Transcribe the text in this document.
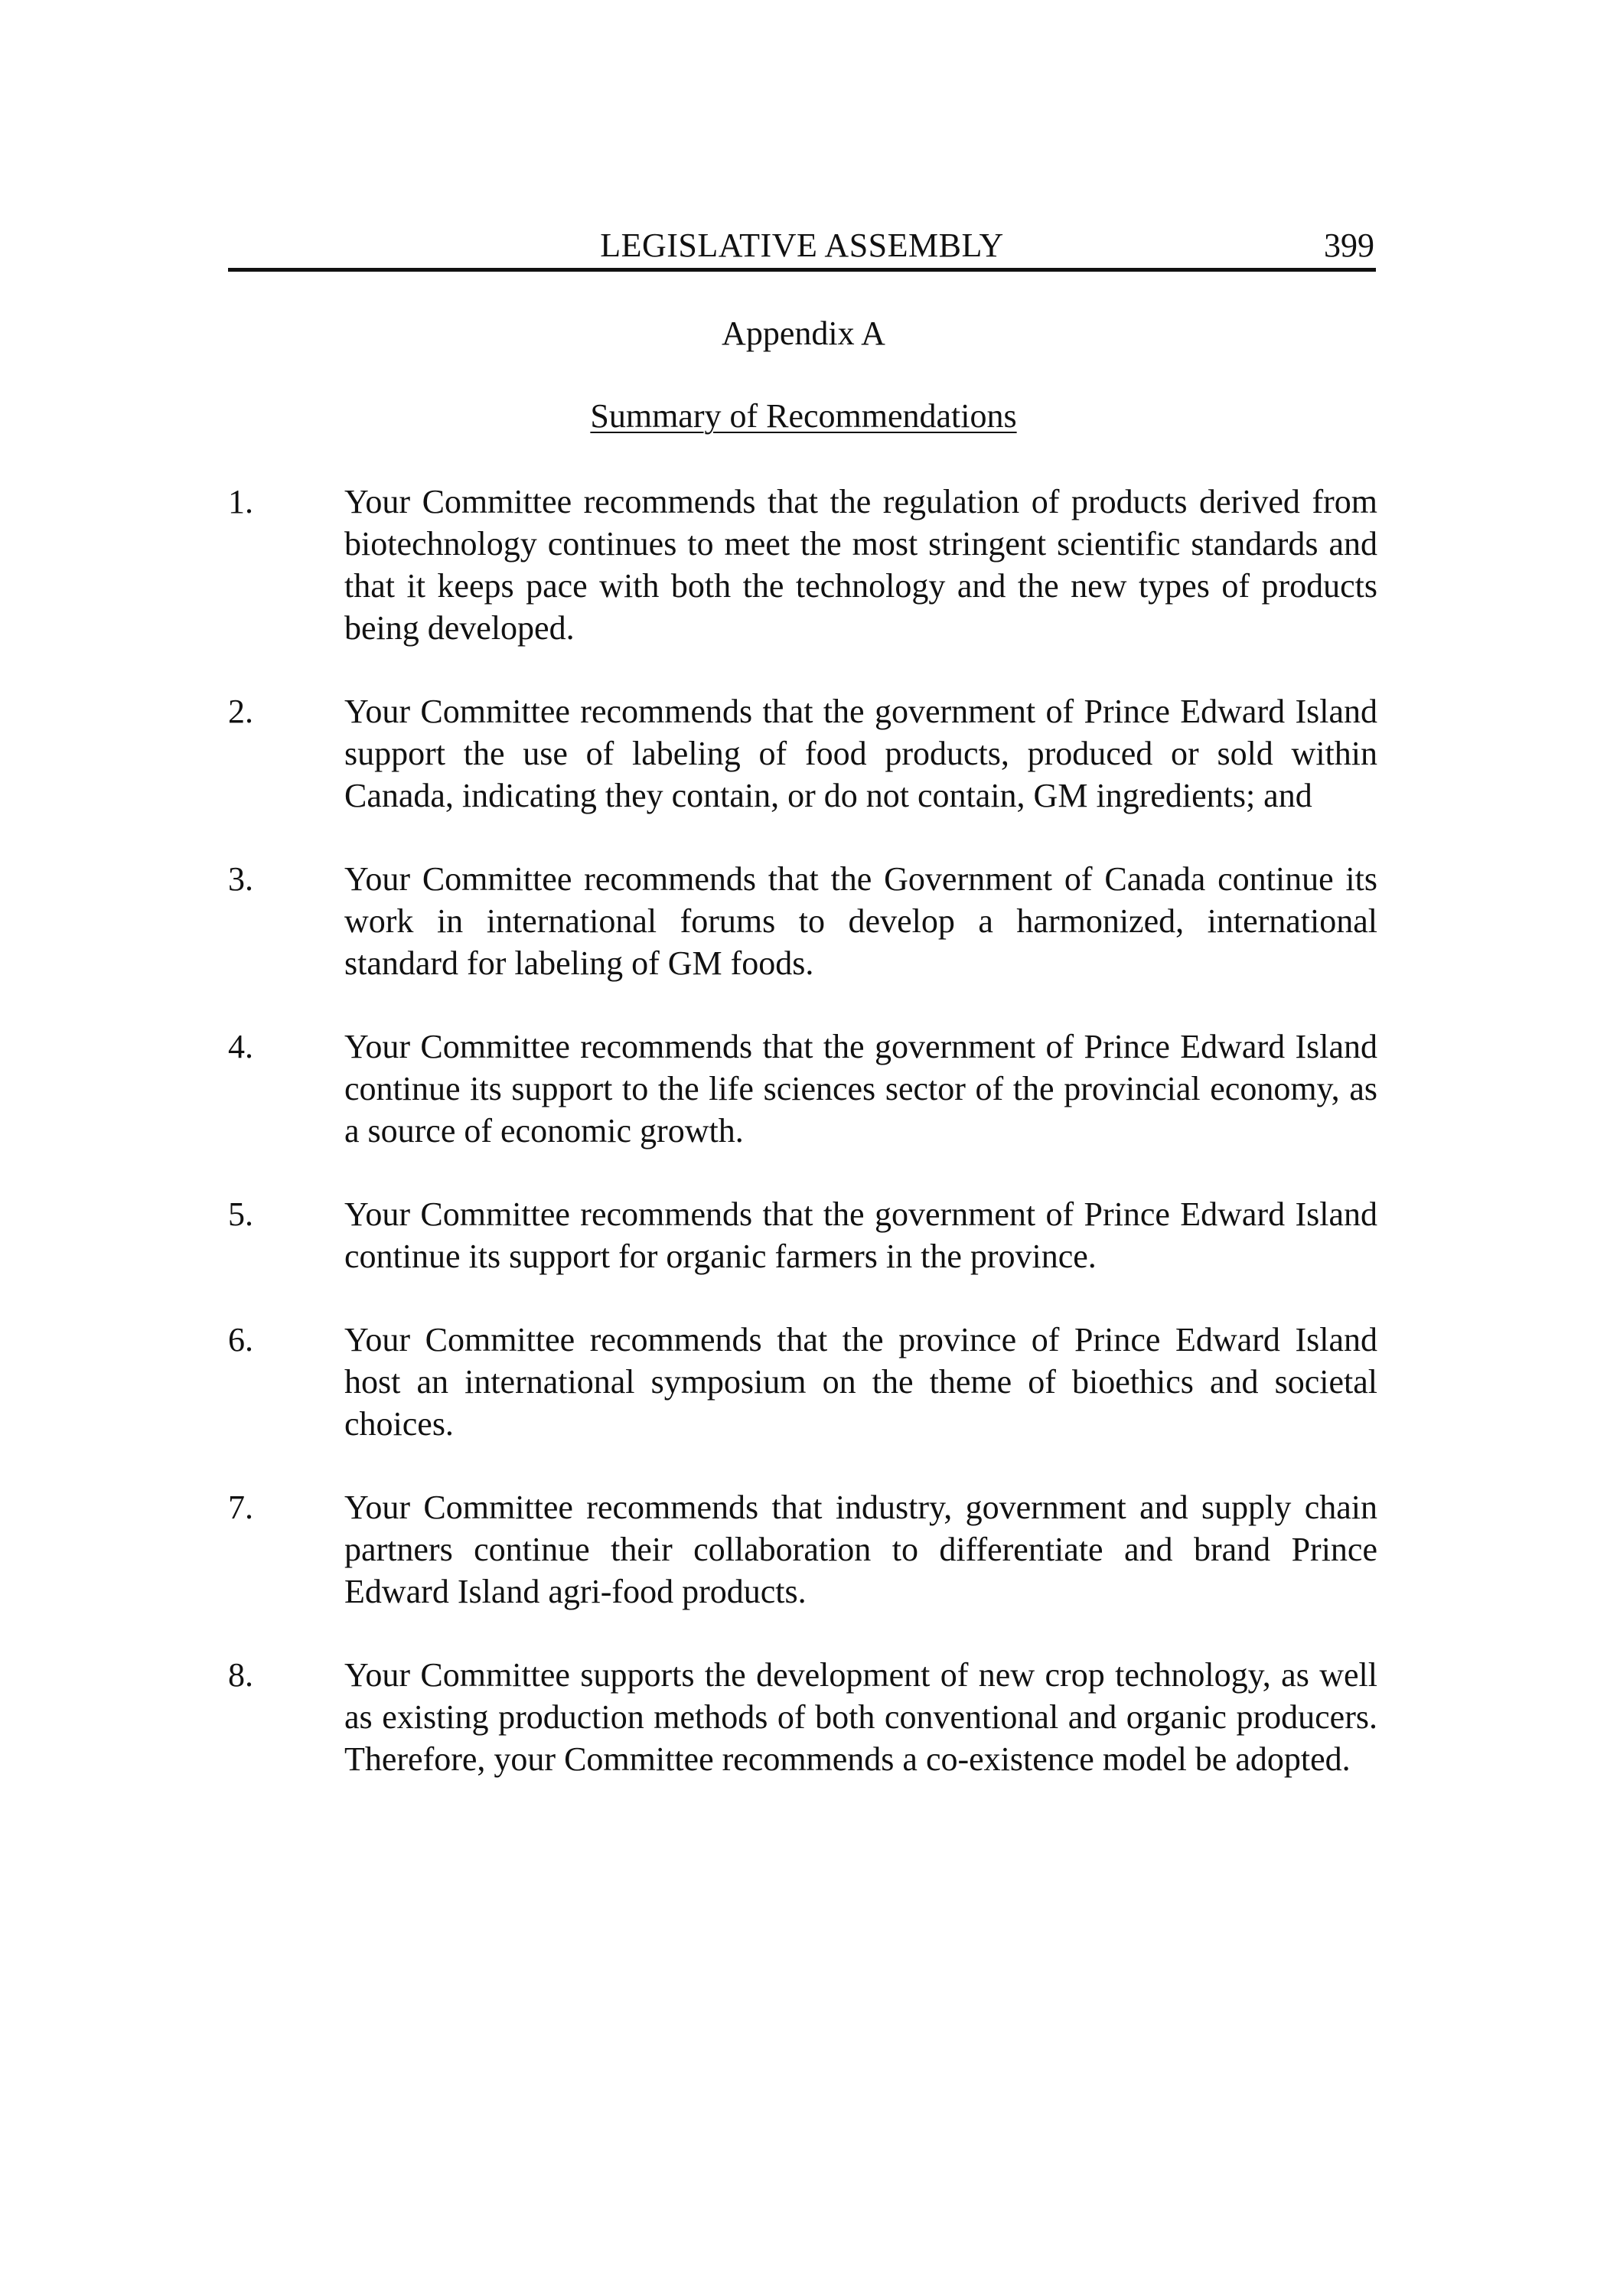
LEGISLATIVE ASSEMBLY	399
Appendix A
Summary of Recommendations
1.	Your Committee recommends that the regulation of products derived from biotechnology continues to meet the most stringent scientific standards and that it keeps pace with both the technology and the new types of products being developed.
2.	Your Committee recommends that the government of Prince Edward Island support the use of labeling of food products, produced or sold within Canada, indicating they contain, or do not contain, GM ingredients; and
3.	Your Committee recommends that the Government of Canada continue its work in international forums to develop a harmonized, international standard for labeling of GM foods.
4.	Your Committee recommends that the government of Prince Edward Island continue its support to the life sciences sector of the provincial economy, as a source of economic growth.
5.	Your Committee recommends that the government of Prince Edward Island continue its support for organic farmers in the province.
6.	Your Committee recommends that the province of Prince Edward Island host an international symposium on the theme of bioethics and societal choices.
7.	Your Committee recommends that industry, government and supply chain partners continue their collaboration to differentiate and brand Prince Edward Island agri-food products.
8.	Your Committee supports the development of new crop technology, as well as existing production methods of both conventional and organic producers. Therefore, your Committee recommends a co-existence model be adopted.
